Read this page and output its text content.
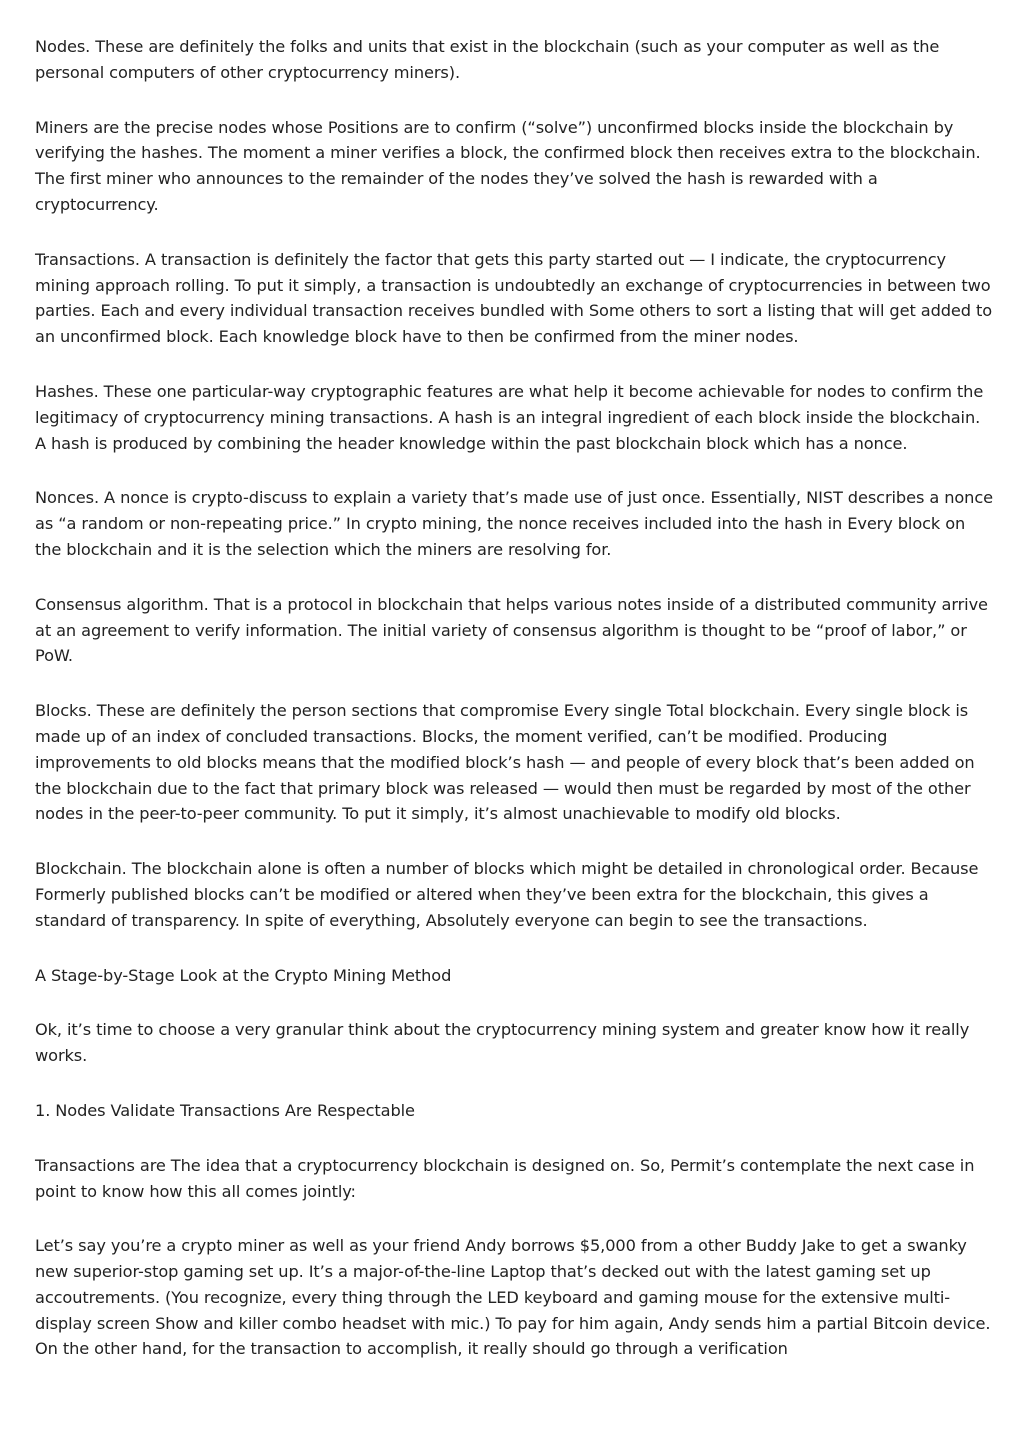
Nodes. These are definitely the folks and units that exist in the blockchain (such as your computer as well as the personal computers of other cryptocurrency miners).

Miners are the precise nodes whose Positions are to confirm (“solve”) unconfirmed blocks inside the blockchain by verifying the hashes. The moment a miner verifies a block, the confirmed block then receives extra to the blockchain. The first miner who announces to the remainder of the nodes they’ve solved the hash is rewarded with a cryptocurrency.

Transactions. A transaction is definitely the factor that gets this party started out — I indicate, the cryptocurrency mining approach rolling. To put it simply, a transaction is undoubtedly an exchange of cryptocurrencies in between two parties. Each and every individual transaction receives bundled with Some others to sort a listing that will get added to an unconfirmed block. Each knowledge block have to then be confirmed from the miner nodes.

Hashes. These one particular-way cryptographic features are what help it become achievable for nodes to confirm the legitimacy of cryptocurrency mining transactions. A hash is an integral ingredient of each block inside the blockchain. A hash is produced by combining the header knowledge within the past blockchain block which has a nonce.

Nonces. A nonce is crypto-discuss to explain a variety that’s made use of just once. Essentially, NIST describes a nonce as “a random or non-repeating price.” In crypto mining, the nonce receives included into the hash in Every block on the blockchain and it is the selection which the miners are resolving for.

Consensus algorithm. That is a protocol in blockchain that helps various notes inside of a distributed community arrive at an agreement to verify information. The initial variety of consensus algorithm is thought to be “proof of labor,” or PoW.

Blocks. These are definitely the person sections that compromise Every single Total blockchain. Every single block is made up of an index of concluded transactions. Blocks, the moment verified, can’t be modified. Producing improvements to old blocks means that the modified block’s hash — and people of every block that’s been added on the blockchain due to the fact that primary block was released — would then must be regarded by most of the other nodes in the peer-to-peer community. To put it simply, it’s almost unachievable to modify old blocks.

Blockchain. The blockchain alone is often a number of blocks which might be detailed in chronological order. Because Formerly published blocks can’t be modified or altered when they’ve been extra for the blockchain, this gives a standard of transparency. In spite of everything, Absolutely everyone can begin to see the transactions.

A Stage-by-Stage Look at the Crypto Mining Method

Ok, it’s time to choose a very granular think about the cryptocurrency mining system and greater know how it really works.

1. Nodes Validate Transactions Are Respectable

Transactions are The idea that a cryptocurrency blockchain is designed on. So, Permit’s contemplate the next case in point to know how this all comes jointly:

Let’s say you’re a crypto miner as well as your friend Andy borrows $5,000 from a other Buddy Jake to get a swanky new superior-stop gaming set up. It’s a major-of-the-line Laptop that’s decked out with the latest gaming set up accoutrements. (You recognize, every thing through the LED keyboard and gaming mouse for the extensive multi-display screen Show and killer combo headset with mic.) To pay for him again, Andy sends him a partial Bitcoin device. On the other hand, for the transaction to accomplish, it really should go through a verification
